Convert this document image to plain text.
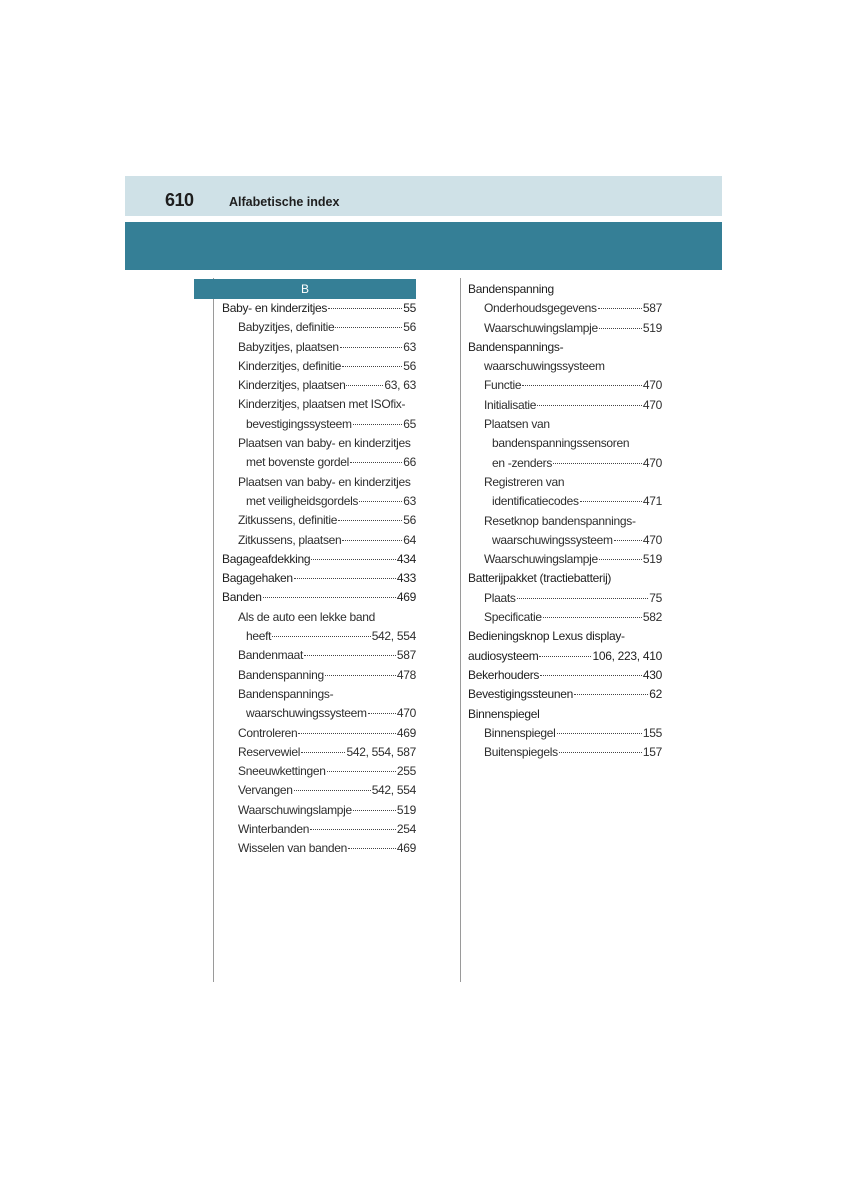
610	Alfabetische index
B
Baby- en kinderzitjes	55
Babyzitjes, definitie	56
Babyzitjes, plaatsen	63
Kinderzitjes, definitie	56
Kinderzitjes, plaatsen	63, 63
Kinderzitjes, plaatsen met ISOfix-
bevestigingssysteem	65
Plaatsen van baby- en kinderzitjes
met bovenste gordel	66
Plaatsen van baby- en kinderzitjes
met veiligheidsgordels	63
Zitkussens, definitie	56
Zitkussens, plaatsen	64
Bagageafdekking	434
Bagagehaken	433
Banden	469
Als de auto een lekke band
heeft	542, 554
Bandenmaat	587
Bandenspanning	478
Bandenspannings-
waarschuwingssysteem	470
Controleren	469
Reservewiel	542, 554, 587
Sneeuwkettingen	255
Vervangen	542, 554
Waarschuwingslampje	519
Winterbanden	254
Wisselen van banden	469
Bandenspanning
Onderhoudsgegevens	587
Waarschuwingslampje	519
Bandenspannings-
waarschuwingssysteem
Functie	470
Initialisatie	470
Plaatsen van
bandenspanningssensoren
en -zenders	470
Registreren van
identificatiecodes	471
Resetknop bandenspannings-
waarschuwingssysteem	470
Waarschuwingslampje	519
Batterijpakket (tractiebatterij)
Plaats	75
Specificatie	582
Bedieningsknop Lexus display-
audiosysteem	106, 223, 410
Bekerhouders	430
Bevestigingssteunen	62
Binnenspiegel
Binnenspiegel	155
Buitenspiegels	157
